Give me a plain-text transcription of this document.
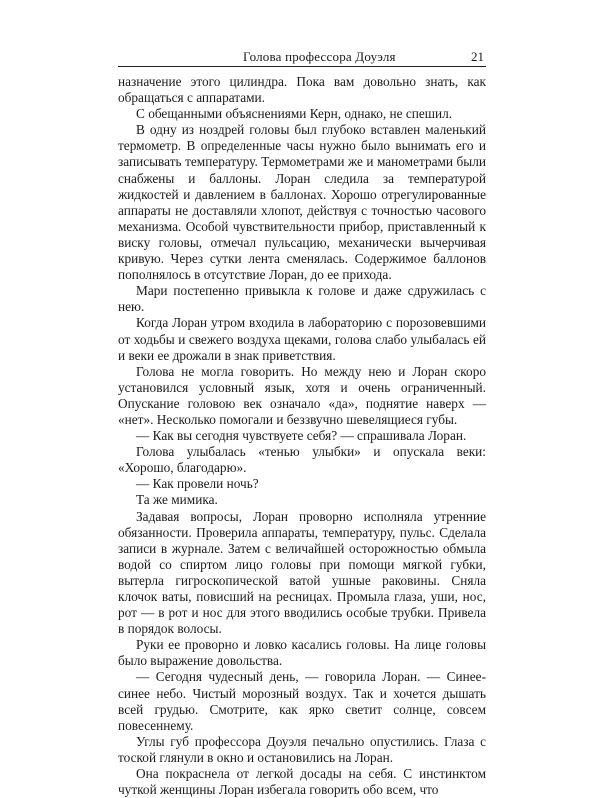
Голова профессора Доуэля	21

назначение этого цилиндра. Пока вам довольно знать, как обращаться с аппаратами.

С обещанными объяснениями Керн, однако, не спешил.

В одну из ноздрей головы был глубоко вставлен маленький термометр. В определенные часы нужно было вынимать его и записывать температуру. Термометрами же и манометрами были снабжены и баллоны. Лоран следила за температурой жидкостей и давлением в баллонах. Хорошо отрегулированные аппараты не доставляли хлопот, действуя с точностью часового механизма. Особой чувствительности прибор, приставленный к виску головы, отмечал пульсацию, механически вычерчивая кривую. Через сутки лента сменялась. Содержимое баллонов пополнялось в отсутствие Лоран, до ее прихода.

Мари постепенно привыкла к голове и даже сдружилась с нею.

Когда Лоран утром входила в лабораторию с порозовевшими от ходьбы и свежего воздуха щеками, голова слабо улыбалась ей и веки ее дрожали в знак приветствия.

Голова не могла говорить. Но между нею и Лоран скоро установился условный язык, хотя и очень ограниченный. Опускание головою век означало «да», поднятие наверх — «нет». Несколько помогали и беззвучно шевелящиеся губы.

— Как вы сегодня чувствуете себя? — спрашивала Лоран.

Голова улыбалась «тенью улыбки» и опускала веки: «Хорошо, благодарю».

— Как провели ночь?

Та же мимика.

Задавая вопросы, Лоран проворно исполняла утренние обязанности. Проверила аппараты, температуру, пульс. Сделала записи в журнале. Затем с величайшей осторожностью обмыла водой со спиртом лицо головы при помощи мягкой губки, вытерла гигроскопической ватой ушные раковины. Сняла клочок ваты, повисший на ресницах. Промыла глаза, уши, нос, рот — в рот и нос для этого вводились особые трубки. Привела в порядок волосы.

Руки ее проворно и ловко касались головы. На лице головы было выражение довольства.

— Сегодня чудесный день, — говорила Лоран. — Синее-синее небо. Чистый морозный воздух. Так и хочется дышать всей грудью. Смотрите, как ярко светит солнце, совсем повесеннему.

Углы губ профессора Доуэля печально опустились. Глаза с тоской глянули в окно и остановились на Лоран.

Она покраснела от легкой досады на себя. С инстинктом чуткой женщины Лоран избегала говорить обо всем, что
